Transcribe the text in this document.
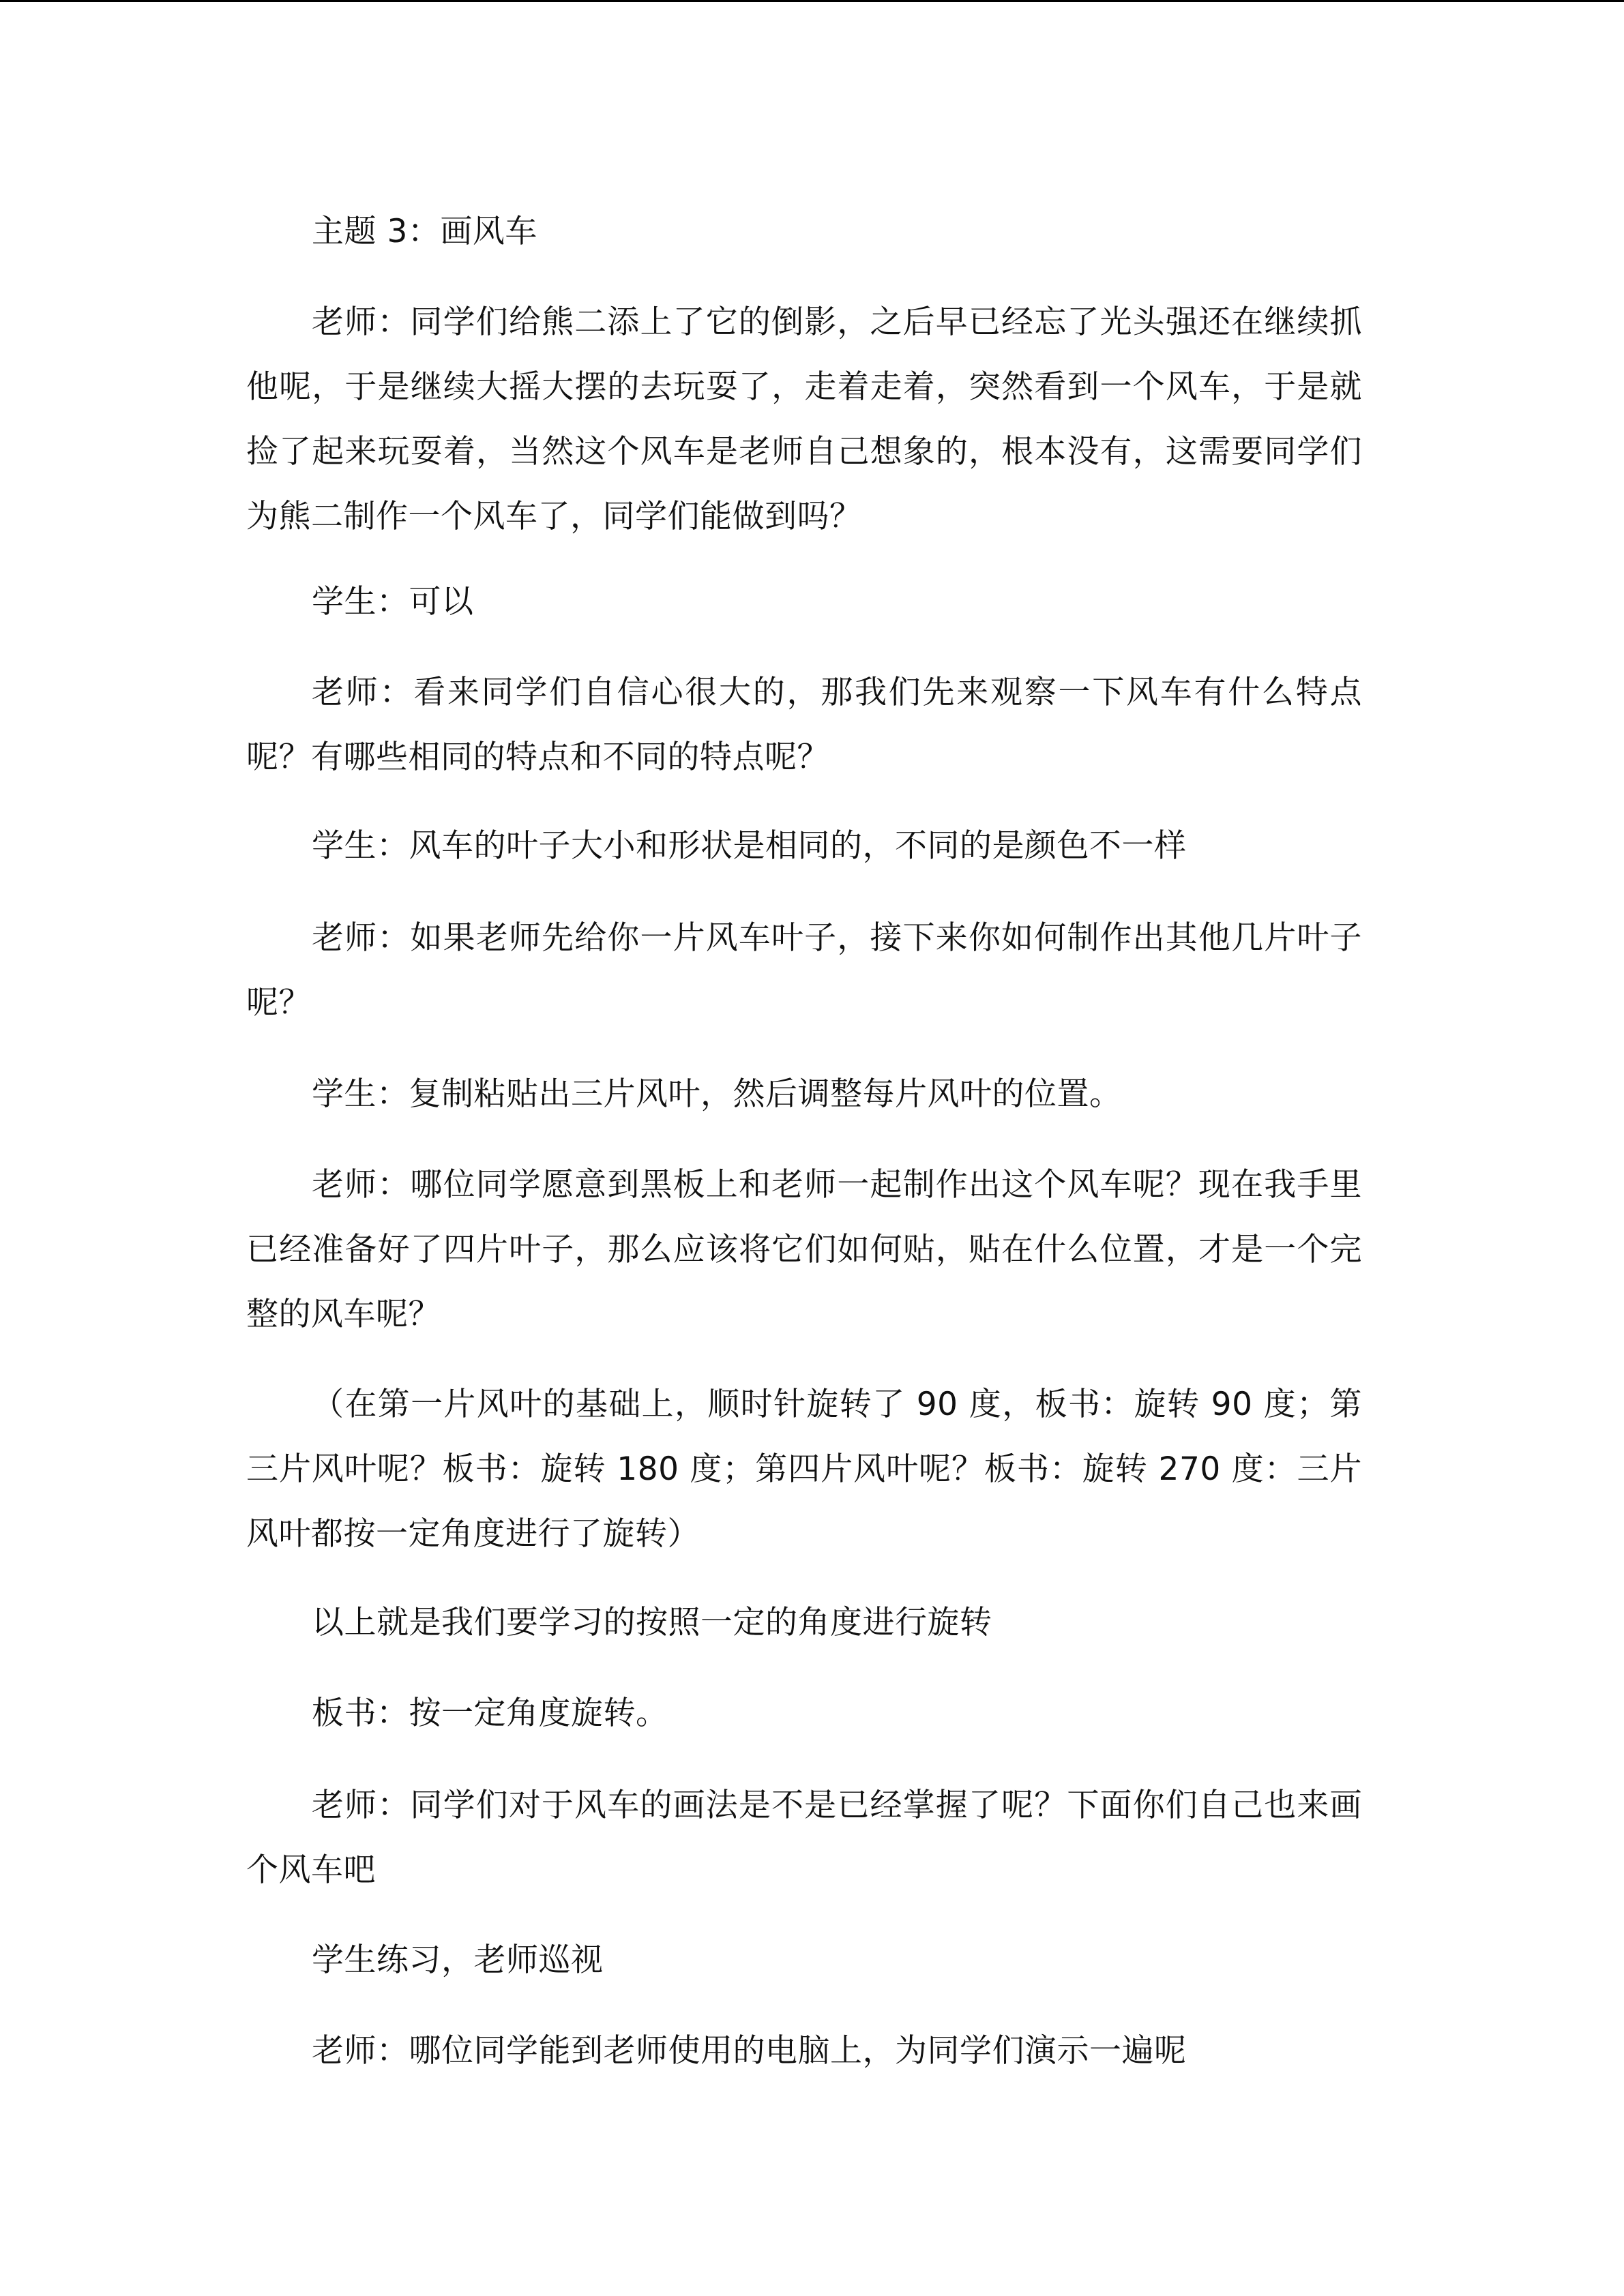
主题 3：画风车

老师：同学们给熊二添上了它的倒影，之后早已经忘了光头强还在继续抓他呢，于是继续大摇大摆的去玩耍了，走着走着，突然看到一个风车，于是就捡了起来玩耍着，当然这个风车是老师自己想象的，根本没有，这需要同学们为熊二制作一个风车了，同学们能做到吗？

学生：可以

老师：看来同学们自信心很大的，那我们先来观察一下风车有什么特点呢？有哪些相同的特点和不同的特点呢？

学生：风车的叶子大小和形状是相同的，不同的是颜色不一样

老师：如果老师先给你一片风车叶子，接下来你如何制作出其他几片叶子呢？

学生：复制粘贴出三片风叶，然后调整每片风叶的位置。

老师：哪位同学愿意到黑板上和老师一起制作出这个风车呢？现在我手里已经准备好了四片叶子，那么应该将它们如何贴，贴在什么位置，才是一个完整的风车呢？

（在第一片风叶的基础上，顺时针旋转了 90 度，板书：旋转 90 度；第三片风叶呢？板书：旋转 180 度；第四片风叶呢？板书：旋转 270 度：三片风叶都按一定角度进行了旋转）

以上就是我们要学习的按照一定的角度进行旋转

板书：按一定角度旋转。

老师：同学们对于风车的画法是不是已经掌握了呢？下面你们自己也来画个风车吧

学生练习，老师巡视

老师：哪位同学能到老师使用的电脑上，为同学们演示一遍呢
